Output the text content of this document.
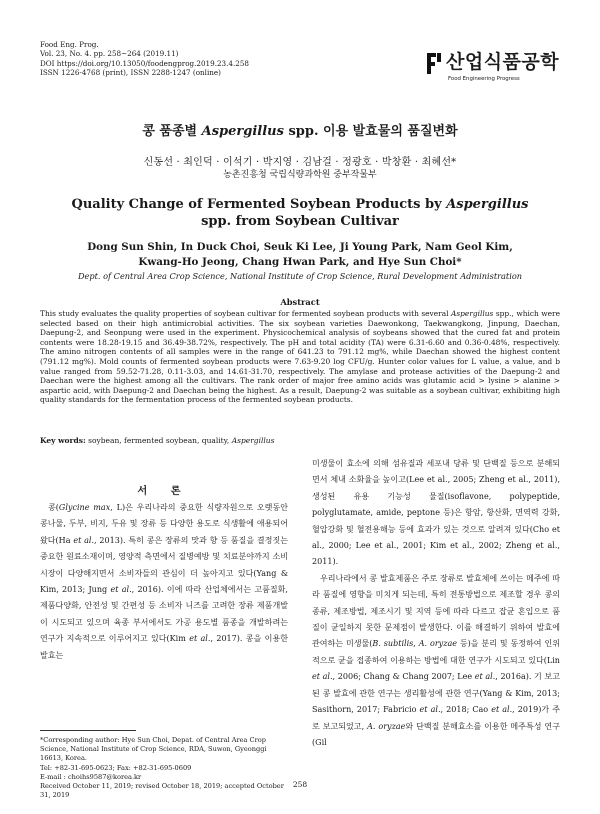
Food Eng. Prog.
Vol. 23, No. 4. pp. 258~264 (2019.11)
DOI https://doi.org/10.13050/foodengprog.2019.23.4.258
ISSN 1226-4768 (print), ISSN 2288-1247 (online)	산업식품공학
Food Engineering Progress
콩 품종별 Aspergillus spp. 이용 발효물의 품질변화
신동선 · 최인덕 · 이석기 · 박지영 · 김남걸 · 정광호 · 박창환 · 최혜선*
농촌진흥청 국립식량과학원 중부작물부
Quality Change of Fermented Soybean Products by Aspergillus spp. from Soybean Cultivar
Dong Sun Shin, In Duck Choi, Seuk Ki Lee, Ji Young Park, Nam Geol Kim,
Kwang-Ho Jeong, Chang Hwan Park, and Hye Sun Choi*
Dept. of Central Area Crop Science, National Institute of Crop Science, Rural Development Administration
Abstract
This study evaluates the quality properties of soybean cultivar for fermented soybean products with several Aspergillus spp., which were selected based on their high antimicrobial activities. The six soybean varieties Daewonkong, Taekwangkong, Jinpung, Daechan, Daepung-2, and Seonpung were used in the experiment. Physicochemical analysis of soybeans showed that the cured fat and protein contents were 18.28-19.15 and 36.49-38.72%, respectively. The pH and total acidity (TA) were 6.31-6.60 and 0.36-0.48%, respectively. The amino nitrogen contents of all samples were in the range of 641.23 to 791.12 mg%, while Daechan showed the highest content (791.12 mg%). Mold counts of fermented soybean products were 7.63-9.20 log CFU/g. Hunter color values for L value, a value, and b value ranged from 59.52-71.28, 0.11-3.03, and 14.61-31.70, respectively. The amylase and protease activities of the Daepung-2 and Daechan were the highest among all the cultivars. The rank order of major free amino acids was glutamic acid > lysine > alanine > aspartic acid, with Daepung-2 and Daechan being the highest. As a result, Daepung-2 was suitable as a soybean cultivar, exhibiting high quality standards for the fermentation process of the fermented soybean products.
Key words: soybean, fermented soybean, quality, Aspergillus
서 론

콩(Glycine max, L)은 우리나라의 중요한 식량자원으로 오랫동안 콩나물, 두부, 비지, 두유 및 장류 등 다양한 용도로 식생활에 애용되어 왔다(Ha et al., 2013). 특히 콩은 장류의 맛과 향 등 품질을 결정짓는 중요한 원료소재이며, 영양적 측면에서 질병예방 및 치료분야까지 소비시장이 다양해지면서 소비자들의 관심이 더 높아지고 있다(Yang & Kim, 2013; Jung et al., 2016). 이에 따라 산업체에서는 고품질화, 제품다양화, 안전성 및 간편성 등 소비자 니즈를 고려한 장류 제품개발이 시도되고 있으며 육종 부서에서도 가공 용도별 품종을 개발하려는 연구가 지속적으로 이루어지고 있다(Kim et al., 2017). 콩을 이용한 발효는

미생물이 효소에 의해 섬유질과 세포내 당류 및 단백질 등으로 분해되면서 체내 소화율을 높이고(Lee et al., 2005; Zheng et al., 2011), 생성된 유용 기능성 물질(isoflavone, polypeptide, polyglutamate, amide, peptone 등)은 항암, 항산화, 면역력 강화, 혈압강화 및 혈전용해능 등에 효과가 있는 것으로 알려져 있다(Cho et al., 2000; Lee et al., 2001; Kim et al., 2002; Zheng et al., 2011).

우리나라에서 콩 발효제품은 주로 장류로 발효체에 쓰이는 메주에 따라 품질에 영향을 미치게 되는데, 특히 전통방법으로 제조할 경우 콩의 종류, 제조방법, 제조시기 및 지역 등에 따라 다르고 잡균 혼입으로 품질이 균일하지 못한 문제점이 발생한다. 이를 해결하기 위하여 발효에 관여하는 미생물(B. subtilis, A. oryzae 등)을 분리 및 동정하여 인위적으로 균을 접종하여 이용하는 방법에 대한 연구가 시도되고 있다(Lin et al., 2006; Chang & Chang 2007; Lee et al., 2016a). 기 보고된 콩 발효에 관한 연구는 생리활성에 관한 연구(Yang & Kim, 2013; Sasithorn, 2017; Fabricio et al., 2018; Cao et al., 2019)가 주로 보고되었고, A. oryzae와 단백질 분해효소를 이용한 메주특성 연구(Gil

*Corresponding author: Hye Sun Choi, Depat. of Central Area Crop Science, National Institute of Crop Science, RDA, Suwon, Gyeonggi 16613, Korea.
Tel: +82-31-695-0623; Fax: +82-31-695-0609
E-mail : choihs9587@korea.kr
Received October 11, 2019; revised October 18, 2019; accepted October 31, 2019
258
